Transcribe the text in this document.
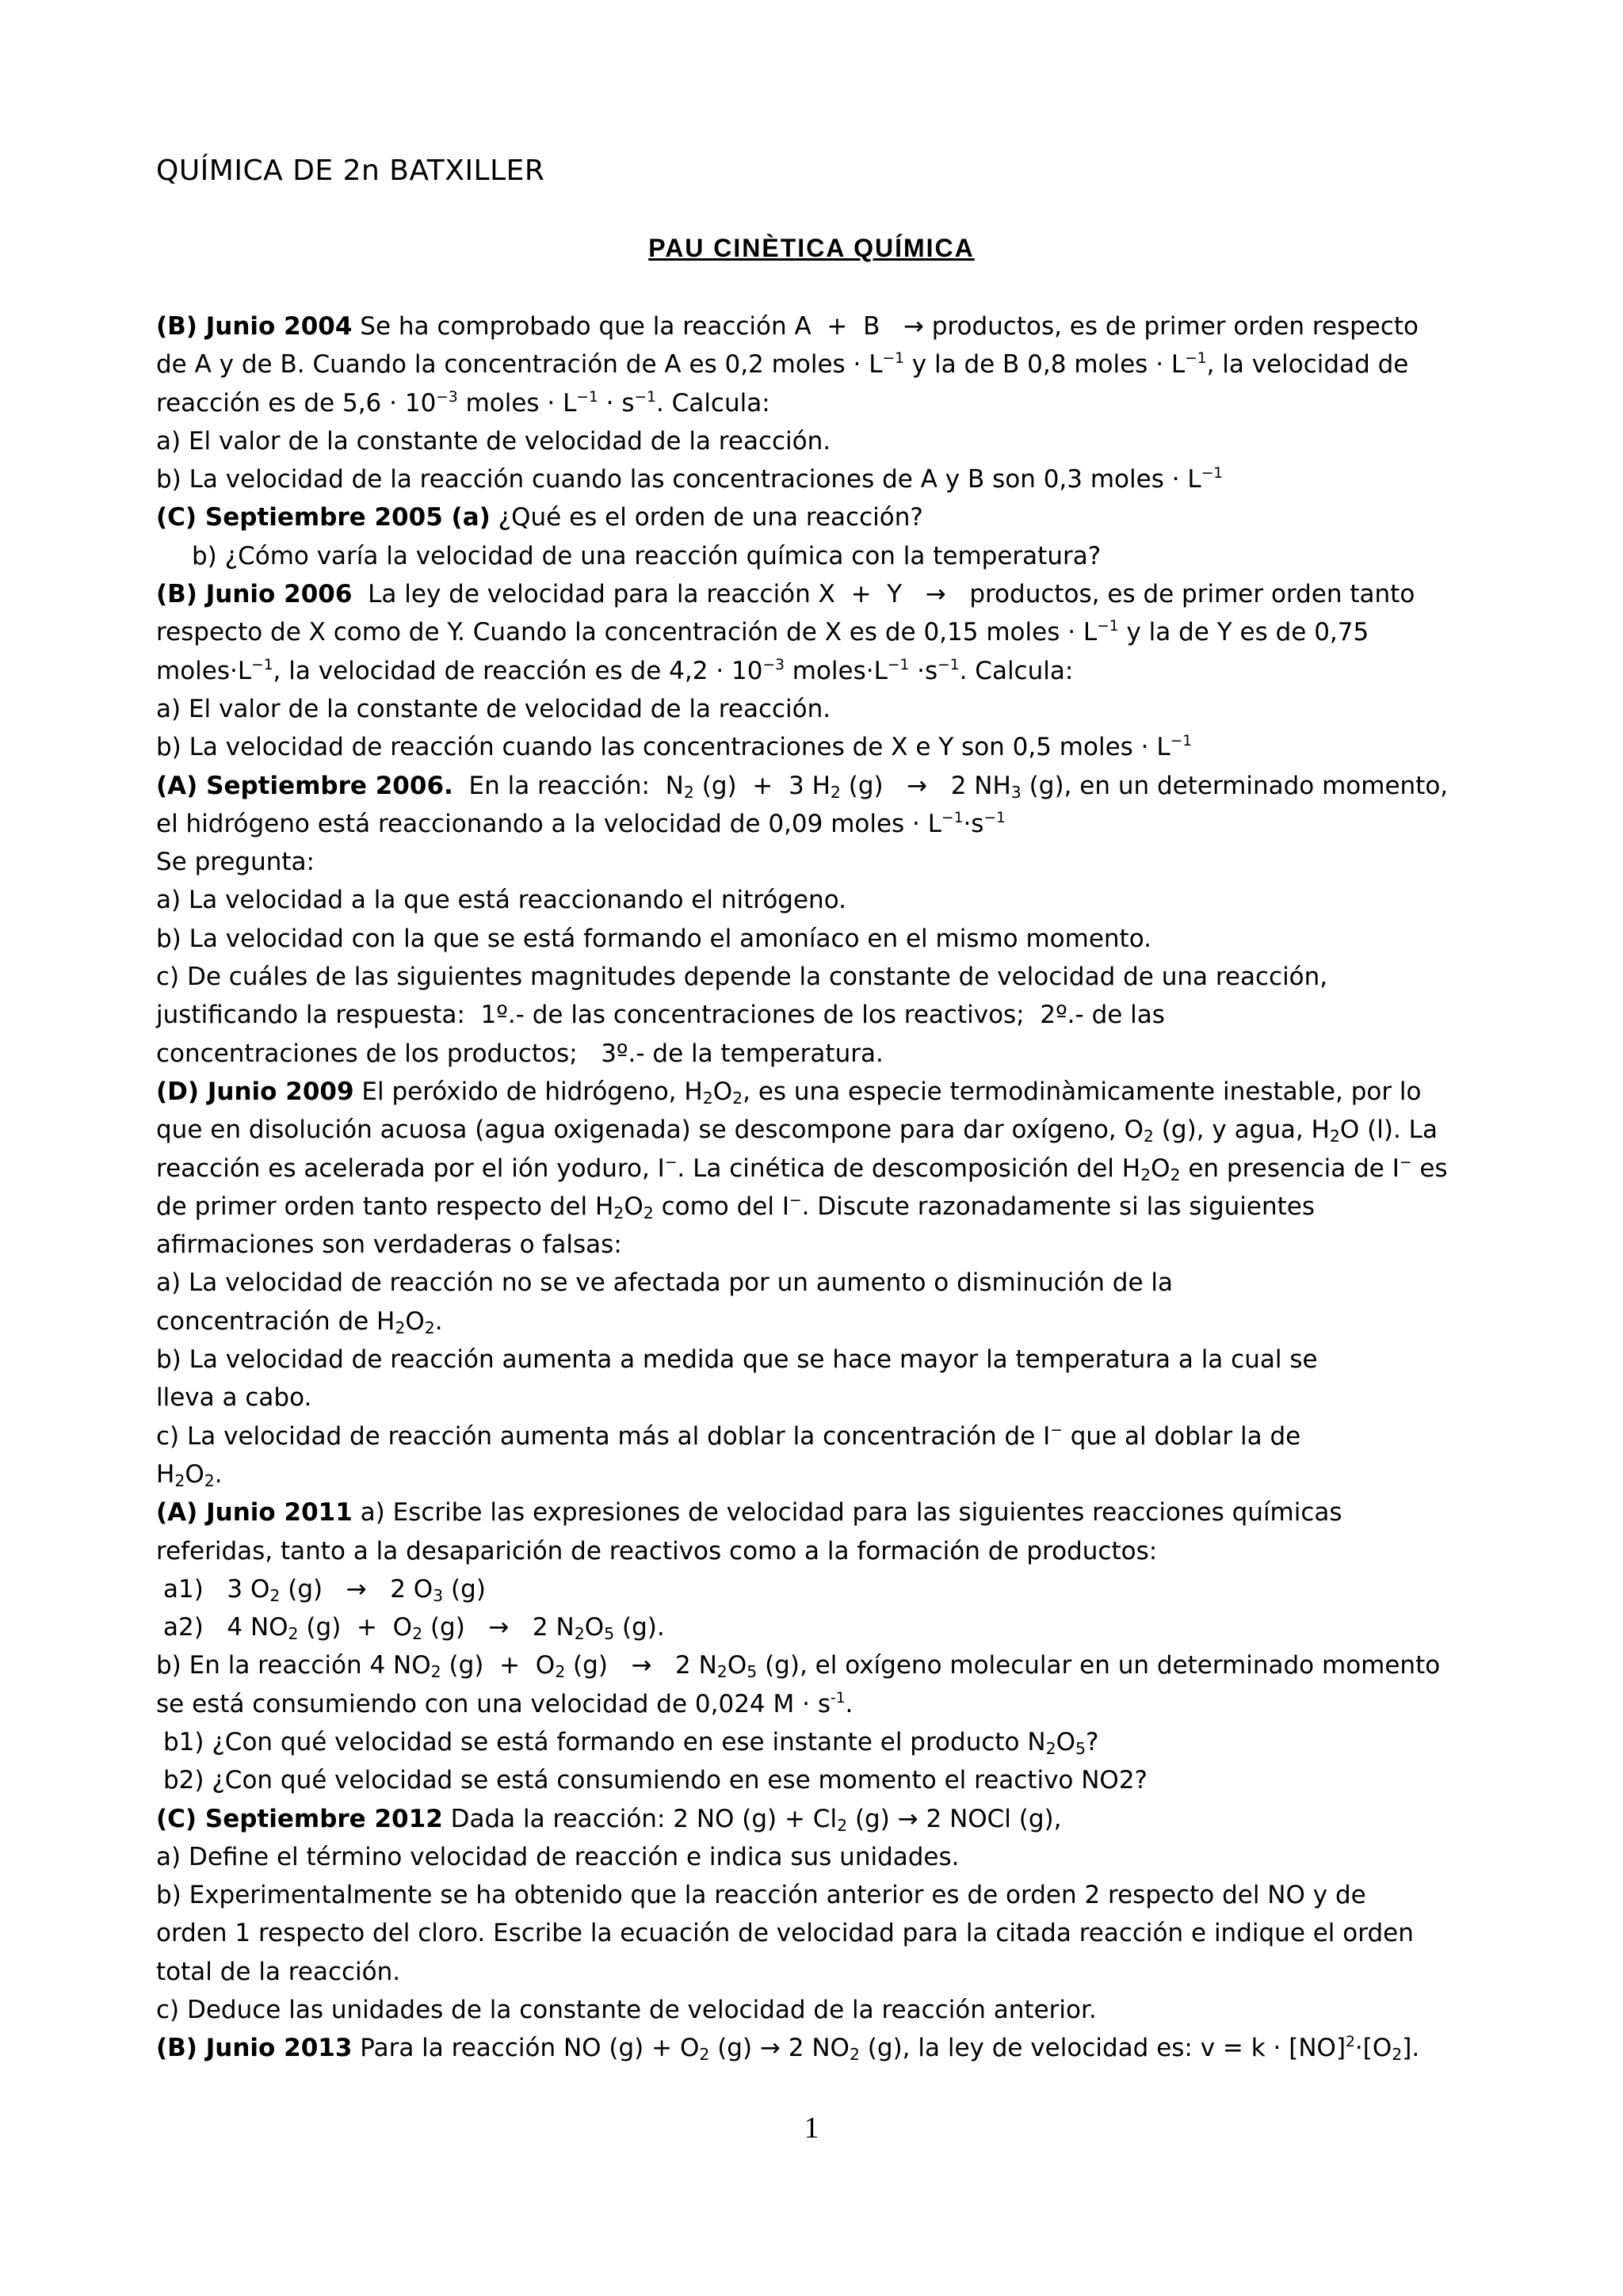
QUÍMICA DE 2n BATXILLER
PAU CINÈTICA QUÍMICA

(B) Junio 2004 Se ha comprobado que la reacción A  +  B   → productos, es de primer orden respecto

de A y de B. Cuando la concentración de A es 0,2 moles · $L^{-1}$ y la de B 0,8 moles · $L^{-1}$, la velocidad de

reacción es de $5,6 \cdot 10^{-3}$ moles · $L^{-1} \cdot s^{-1}$. Calcula:

a) El valor de la constante de velocidad de la reacción.

b) La velocidad de la reacción cuando las concentraciones de A y B son 0,3 moles · $L^{-1}$

(C) Septiembre 2005 (a) ¿Qué es el orden de una reacción?

b) ¿Cómo varía la velocidad de una reacción química con la temperatura?

(B) Junio 2006  La ley de velocidad para la reacción X  +  Y   →   productos, es de primer orden tanto

respecto de X como de Y. Cuando la concentración de X es de 0,15 moles · $L^{-1}$ y la de Y es de 0,75

$moles\cdot L^{-1}$, la velocidad de reacción es de $4,2 \cdot 10^{-3}$ $moles\cdot L^{-1} \cdot s^{-1}$. Calcula:

a) El valor de la constante de velocidad de la reacción.

b) La velocidad de reacción cuando las concentraciones de X e Y son 0,5 moles · $L^{-1}$

(A) Septiembre 2006.  En la reacción:  $N_2$ (g)  +  3 $H_2$ (g)   →   2 $NH_3$ (g), en un determinado momento,

el hidrógeno está reaccionando a la velocidad de 0,09 moles · $L^{-1}\cdot s^{-1}$

Se pregunta:

a) La velocidad a la que está reaccionando el nitrógeno.

b) La velocidad con la que se está formando el amoníaco en el mismo momento.

c) De cuáles de las siguientes magnitudes depende la constante de velocidad de una reacción,

justificando la respuesta:  1º.- de las concentraciones de los reactivos;  2º.- de las

concentraciones de los productos;   3º.- de la temperatura.

(D) Junio 2009 El peróxido de hidrógeno, $H_2O_2$, es una especie termodinàmicamente inestable, por lo

que en disolución acuosa (agua oxigenada) se descompone para dar oxígeno, $O_2$ (g), y agua, $H_2O$ (l). La

reacción es acelerada por el ión yoduro, I−. La cinética de descomposición del $H_2O_2$ en presencia de I− es

de primer orden tanto respecto del $H_2O_2$ como del I−. Discute razonadamente si las siguientes

afirmaciones son verdaderas o falsas:

a) La velocidad de reacción no se ve afectada por un aumento o disminución de la

concentración de $H_2O_2$.

b) La velocidad de reacción aumenta a medida que se hace mayor la temperatura a la cual se

lleva a cabo.

c) La velocidad de reacción aumenta más al doblar la concentración de I− que al doblar la de

$H_2O_2$.

(A) Junio 2011 a) Escribe las expresiones de velocidad para las siguientes reacciones químicas

referidas, tanto a la desaparición de reactivos como a la formación de productos:

a1)   3 $O_2$ (g)   →   2 $O_3$ (g)

a2)   4 $NO_2$ $(g) + O_2$ (g)   →   2 $N_2O_5$ (g).

b) En la reacción 4 $NO_2$ $(g) + O_2$ (g)   →   2 $N_2O_5$ (g), el oxígeno molecular en un determinado momento

se está consumiendo con una velocidad de 0,024 $M \cdot s^{-1}$.

b1) ¿Con qué velocidad se está formando en ese instante el producto $N_2O_5$?

b2) ¿Con qué velocidad se está consumiendo en ese momento el reactivo NO2?

(C) Septiembre 2012 Dada la reacción: 2 NO $(g) + Cl_2$ (g) → 2 NOCl (g),

a) Define el término velocidad de reacción e indica sus unidades.

b) Experimentalmente se ha obtenido que la reacción anterior es de orden 2 respecto del NO y de

orden 1 respecto del cloro. Escribe la ecuación de velocidad para la citada reacción e indique el orden

total de la reacción.

c) Deduce las unidades de la constante de velocidad de la reacción anterior.

(B) Junio 2013 Para la reacción NO $(g) + O_2$ (g) → 2 $NO_2$ (g), la ley de velocidad es: $v = k \cdot [NO]^2\cdot[O_2]$.

1
